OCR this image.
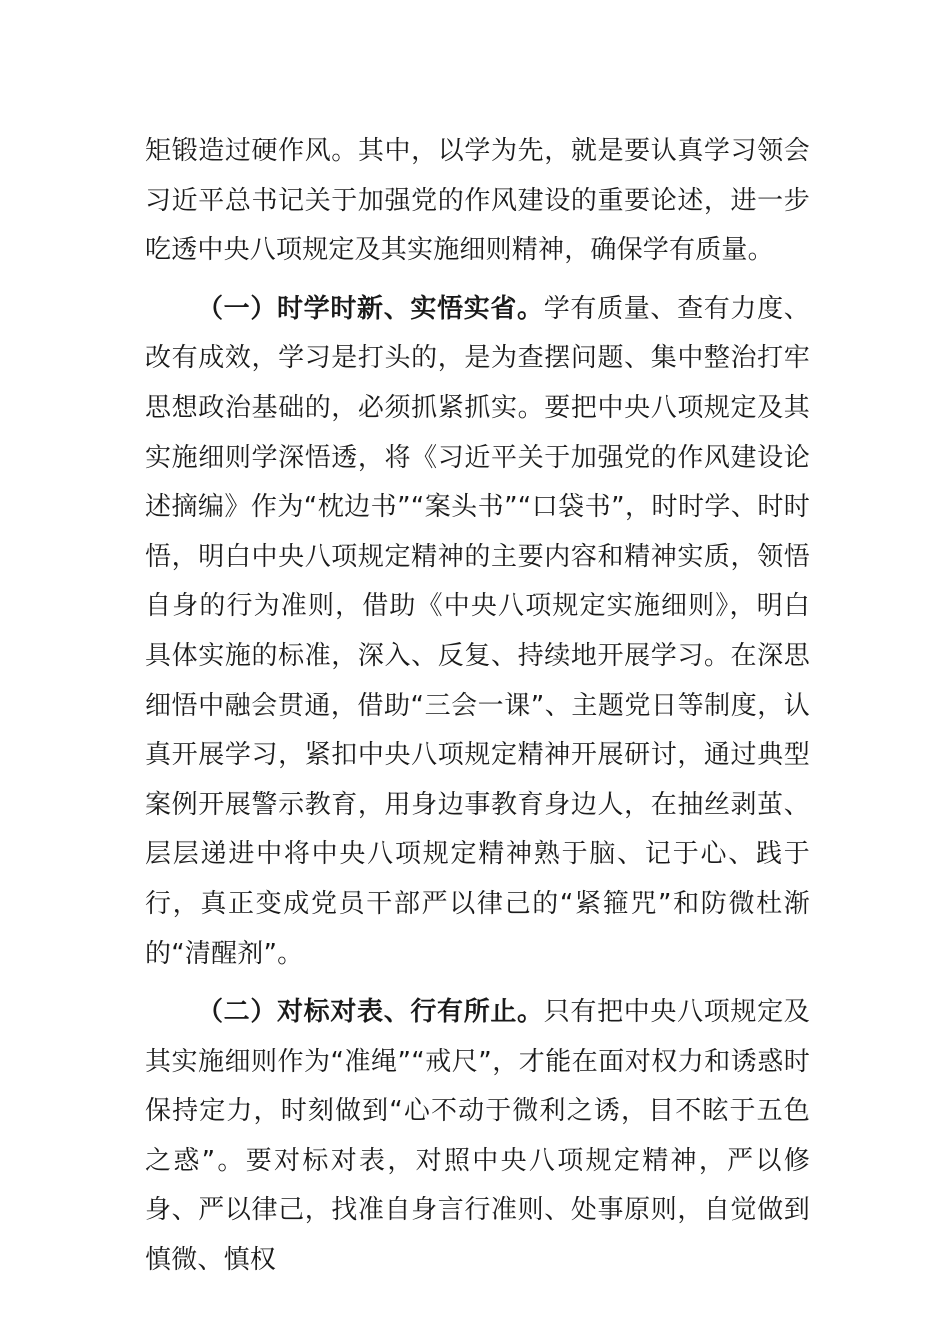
矩锻造过硬作风。其中，以学为先，就是要认真学习领会习近平总书记关于加强党的作风建设的重要论述，进一步吃透中央八项规定及其实施细则精神，确保学有质量。

（一）时学时新、实悟实省。学有质量、查有力度、改有成效，学习是打头的，是为查摆问题、集中整治打牢思想政治基础的，必须抓紧抓实。要把中央八项规定及其实施细则学深悟透，将《习近平关于加强党的作风建设论述摘编》作为“枕边书”“案头书”“口袋书”，时时学、时时悟，明白中央八项规定精神的主要内容和精神实质，领悟自身的行为准则，借助《中央八项规定实施细则》，明白具体实施的标准，深入、反复、持续地开展学习。在深思细悟中融会贯通，借助“三会一课”、主题党日等制度，认真开展学习，紧扣中央八项规定精神开展研讨，通过典型案例开展警示教育，用身边事教育身边人，在抽丝剥茧、层层递进中将中央八项规定精神熟于脑、记于心、践于行，真正变成党员干部严以律己的“紧箍咒”和防微杜渐的“清醒剂”。

（二）对标对表、行有所止。只有把中央八项规定及其实施细则作为“准绳”“戒尺”，才能在面对权力和诱惑时保持定力，时刻做到“心不动于微利之诱，目不眩于五色之惑”。要对标对表，对照中央八项规定精神，严以修身、严以律己，找准自身言行准则、处事原则，自觉做到慎微、慎权
